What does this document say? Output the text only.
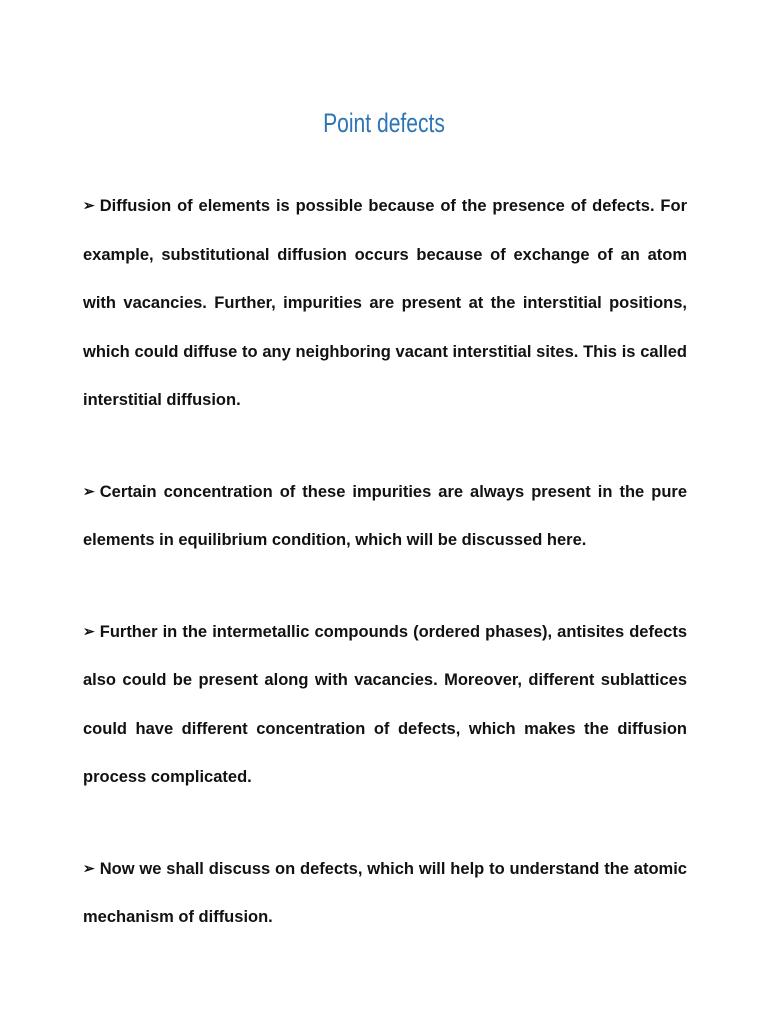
Point defects

➢ Diffusion of elements is possible because of the presence of defects. For example, substitutional diffusion occurs because of exchange of an atom with vacancies. Further, impurities are present at the interstitial positions, which could diffuse to any neighboring vacant interstitial sites. This is called interstitial diffusion.

➢ Certain concentration of these impurities are always present in the pure elements in equilibrium condition, which will be discussed here.

➢ Further in the intermetallic compounds (ordered phases), antisites defects also could be present along with vacancies. Moreover, different sublattices could have different concentration of defects, which makes the diffusion process complicated.

➢ Now we shall discuss on defects, which will help to understand the atomic mechanism of diffusion.
